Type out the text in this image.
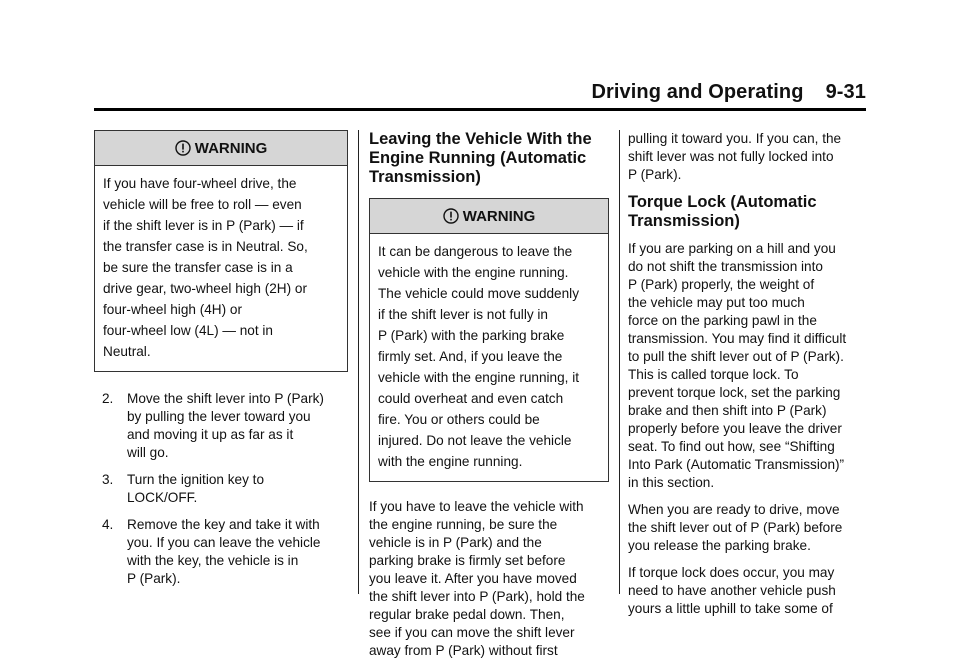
Driving and Operating 9-31
WARNING
If you have four-wheel drive, the
vehicle will be free to roll — even
if the shift lever is in P (Park) — if
the transfer case is in Neutral. So,
be sure the transfer case is in a
drive gear, two-wheel high (2H) or
four-wheel high (4H) or
four-wheel low (4L) — not in
Neutral.
2.	Move the shift lever into P (Park)
by pulling the lever toward you
and moving it up as far as it
will go.
3.	Turn the ignition key to
LOCK/OFF.
4.	Remove the key and take it with
you. If you can leave the vehicle
with the key, the vehicle is in
P (Park).
Leaving the Vehicle With the
Engine Running (Automatic
Transmission)
WARNING
It can be dangerous to leave the
vehicle with the engine running.
The vehicle could move suddenly
if the shift lever is not fully in
P (Park) with the parking brake
firmly set. And, if you leave the
vehicle with the engine running, it
could overheat and even catch
fire. You or others could be
injured. Do not leave the vehicle
with the engine running.

If you have to leave the vehicle with

the engine running, be sure the

vehicle is in P (Park) and the

parking brake is firmly set before

you leave it. After you have moved

the shift lever into P (Park), hold the

regular brake pedal down. Then,

see if you can move the shift lever

away from P (Park) without first

pulling it toward you. If you can, the

shift lever was not fully locked into

P (Park).

Torque Lock (Automatic
Transmission)

If you are parking on a hill and you

do not shift the transmission into

P (Park) properly, the weight of

the vehicle may put too much

force on the parking pawl in the

transmission. You may find it difficult

to pull the shift lever out of P (Park).

This is called torque lock. To

prevent torque lock, set the parking

brake and then shift into P (Park)

properly before you leave the driver

seat. To find out how, see “Shifting

Into Park (Automatic Transmission)”

in this section.

When you are ready to drive, move

the shift lever out of P (Park) before

you release the parking brake.

If torque lock does occur, you may

need to have another vehicle push

yours a little uphill to take some of
